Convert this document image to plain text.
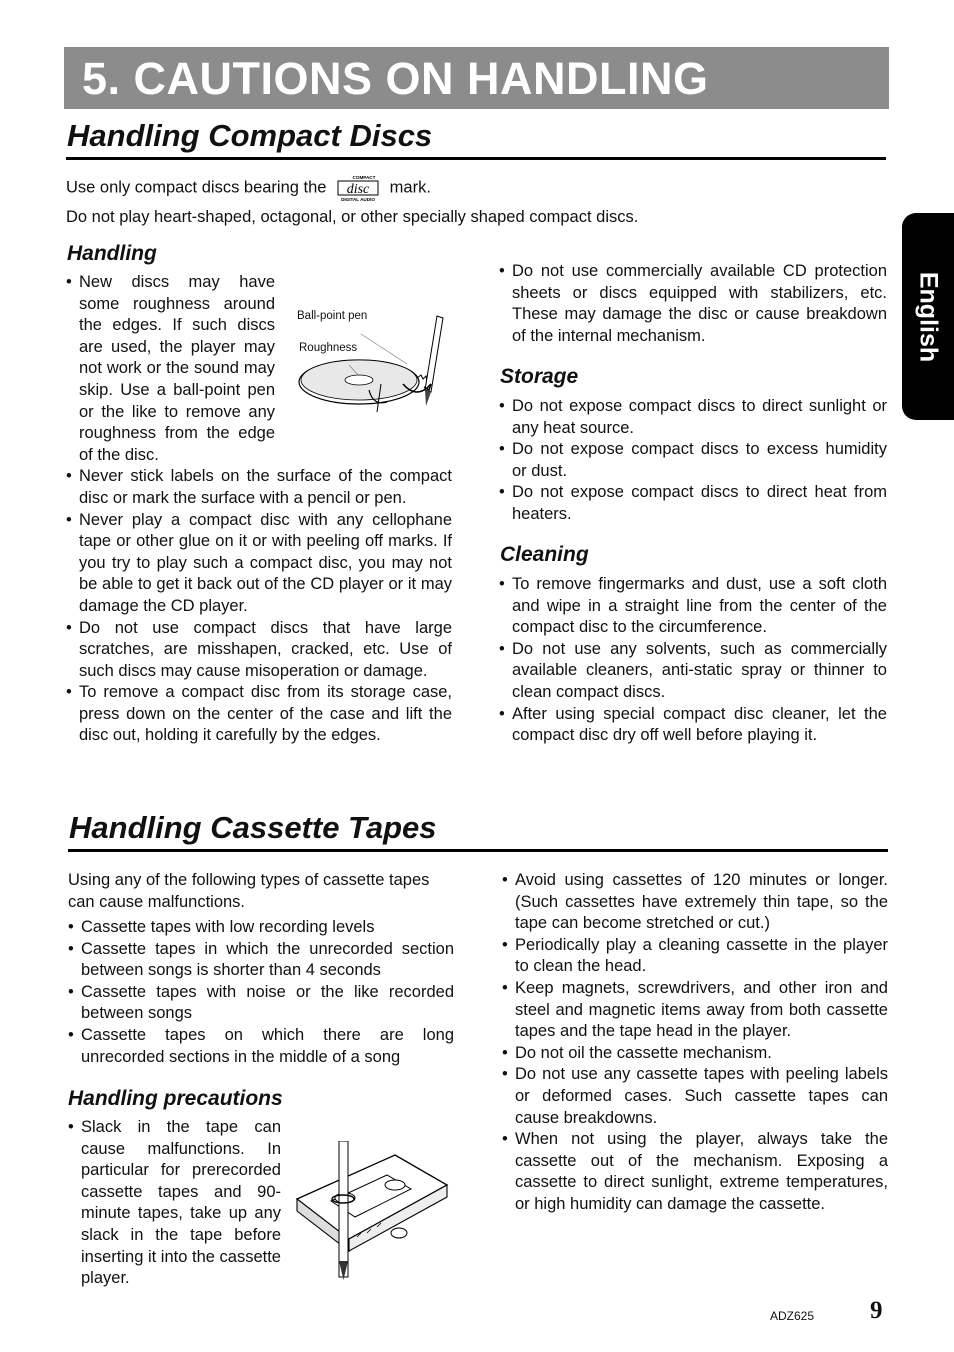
5. CAUTIONS ON HANDLING
English
Handling Compact Discs

Use only compact discs bearing the
COMPACT
disc
DIGITAL AUDIO
mark.

Do not play heart-shaped, octagonal, or other specially shaped compact discs.

Handling
• New discs may have some roughness around the edges. If such discs are used, the player may not work or the sound may skip. Use a ball-point pen or the like to remove any roughness from the edge of the disc.
• Never stick labels on the surface of the compact disc or mark the surface with a pencil or pen.
• Never play a compact disc with any cellophane tape or other glue on it or with peeling off marks. If you try to play such a compact disc, you may not be able to get it back out of the CD player or it may damage the CD player.
• Do not use compact discs that have large scratches, are misshapen, cracked, etc. Use of such discs may cause misoperation or damage.
• To remove a compact disc from its storage case, press down on the center of the case and lift the disc out, holding it carefully by the edges.
Ball-point pen
Roughness
• Do not use commercially available CD protection sheets or discs equipped with stabilizers, etc. These may damage the disc or cause breakdown of the internal mechanism.
Storage
• Do not expose compact discs to direct sunlight or any heat source.
• Do not expose compact discs to excess humidity or dust.
• Do not expose compact discs to direct heat from heaters.
Cleaning
• To remove fingermarks and dust, use a soft cloth and wipe in a straight line from the center of the compact disc to the circumference.
• Do not use any solvents, such as commercially available cleaners, anti-static spray or thinner to clean compact discs.
• After using special compact disc cleaner, let the compact disc dry off well before playing it.
Handling Cassette Tapes

Using any of the following types of cassette tapes can cause malfunctions.

• Cassette tapes with low recording levels
• Cassette tapes in which the unrecorded section between songs is shorter than 4 seconds
• Cassette tapes with noise or the like recorded between songs
• Cassette tapes on which there are long unrecorded sections in the middle of a song
Handling precautions
• Slack in the tape can cause malfunctions. In particular for prerecorded cassette tapes and 90-minute tapes, take up any slack in the tape before inserting it into the cassette player.
• Avoid using cassettes of 120 minutes or longer. (Such cassettes have extremely thin tape, so the tape can become stretched or cut.)
• Periodically play a cleaning cassette in the player to clean the head.
• Keep magnets, screwdrivers, and other iron and steel and magnetic items away from both cassette tapes and the tape head in the player.
• Do not oil the cassette mechanism.
• Do not use any cassette tapes with peeling labels or deformed cases. Such cassette tapes can cause breakdowns.
• When not using the player, always take the cassette out of the mechanism. Exposing a cassette to direct sunlight, extreme temperatures, or high humidity can damage the cassette.
ADZ625 9
